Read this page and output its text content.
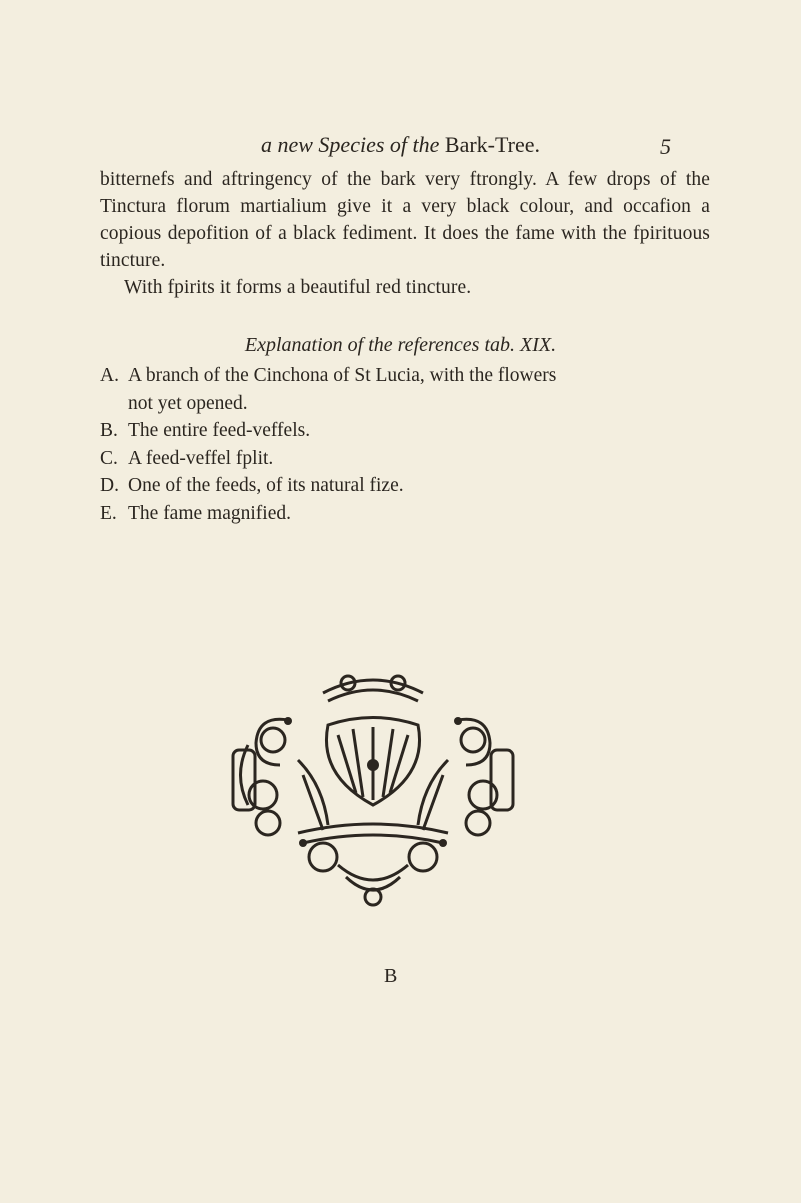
a new Species of the Bark-Tree.	5

bitternefs and aftringency of the bark very ftrongly. A few drops of the Tinctura florum martialium give it a very black colour, and occafion a copious depofition of a black fediment. It does the fame with the fpirituous tincture.

With fpirits it forms a beautiful red tincture.

Explanation of the references tab. XIX.
A. A branch of the Cinchona of St Lucia, with the flowers
not yet opened.
B. The entire feed-veffels.
C. A feed-veffel fplit.
D. One of the feeds, of its natural fize.
E. The fame magnified.
B
